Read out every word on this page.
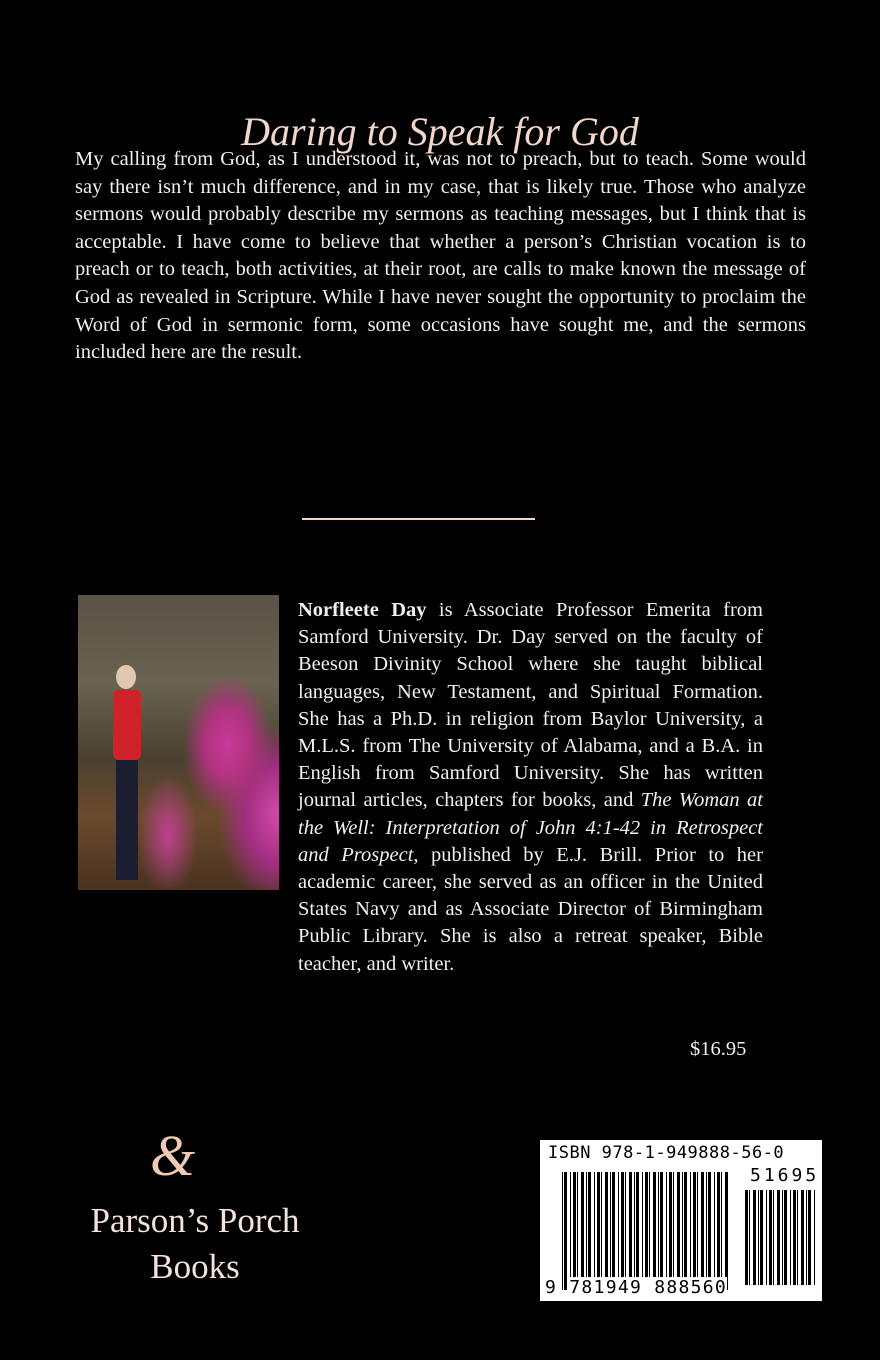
Daring to Speak for God

My calling from God, as I understood it, was not to preach, but to teach. Some would say there isn’t much difference, and in my case, that is likely true. Those who analyze sermons would probably describe my sermons as teaching messages, but I think that is acceptable. I have come to believe that whether a person’s Christian vocation is to preach or to teach, both activities, at their root, are calls to make known the message of God as revealed in Scripture. While I have never sought the opportunity to proclaim the Word of God in sermonic form, some occasions have sought me, and the sermons included here are the result.

Norfleete Day is Associate Professor Emerita from Samford University. Dr. Day served on the faculty of Beeson Divinity School where she taught biblical languages, New Testament, and Spiritual Formation. She has a Ph.D. in religion from Baylor University, a M.L.S. from The University of Alabama, and a B.A. in English from Samford University. She has written journal articles, chapters for books, and The Woman at the Well: Interpretation of John 4:1-42 in Retrospect and Prospect, published by E.J. Brill. Prior to her academic career, she served as an officer in the United States Navy and as Associate Director of Birmingham Public Library. She is also a retreat speaker, Bible teacher, and writer.

$16.95
&
Parson’s Porch
Books
ISBN 978-1-949888-56-0
51695
9 781949 888560
